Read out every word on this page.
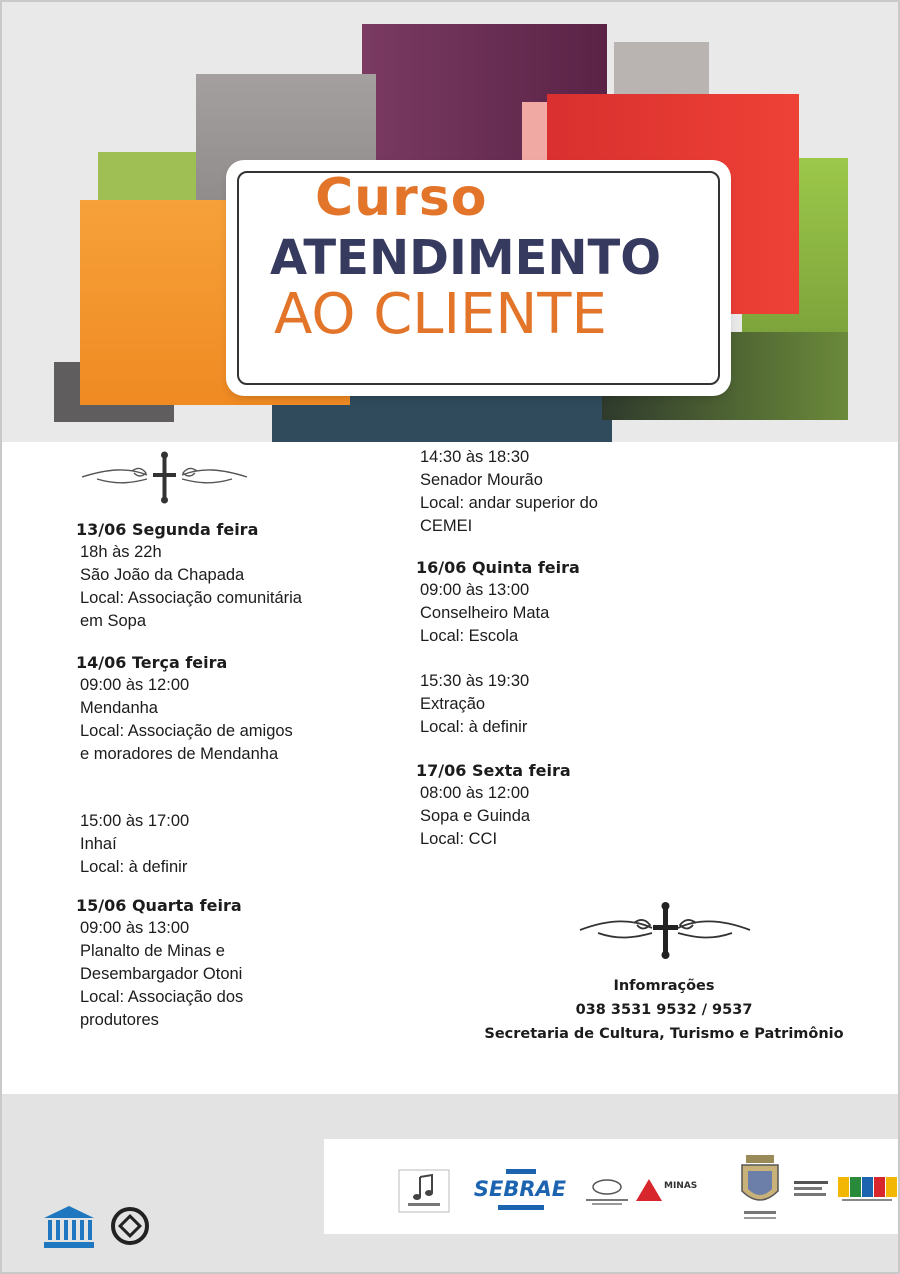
Curso
ATENDIMENTO
AO CLIENTE
13/06 Segunda feira
18h às 22h
São João da Chapada
Local: Associação comunitária
em Sopa
14/06 Terça feira
09:00 às 12:00
Mendanha
Local: Associação de amigos
e moradores de Mendanha
15:00 às 17:00
Inhaí
Local: à definir
15/06 Quarta feira
09:00 às 13:00
Planalto de Minas e
Desembargador Otoni
Local: Associação dos
produtores
14:30 às 18:30
Senador Mourão
Local: andar superior do
CEMEI
16/06 Quinta feira
09:00 às 13:00
Conselheiro Mata
Local: Escola
15:30 às 19:30
Extração
Local: à definir
17/06 Sexta feira
08:00 às 12:00
Sopa e Guinda
Local: CCI
Infomrações
038 3531 9532 / 9537
Secretaria de Cultura, Turismo e Patrimônio
SEBRAE	MINAS
